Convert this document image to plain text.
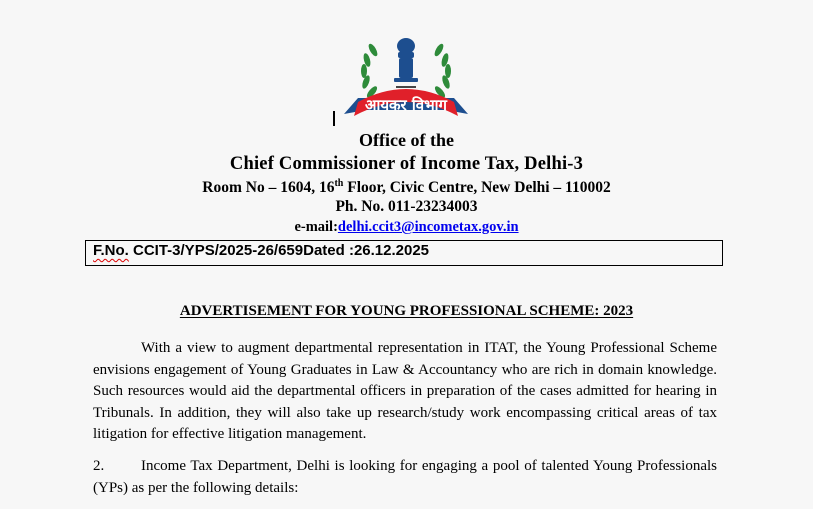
आयकर विभाग
Office of the
Chief Commissioner of Income Tax, Delhi-3
Room No – 1604, 16th Floor, Civic Centre, New Delhi – 110002
Ph. No. 011-23234003
e-mail:delhi.ccit3@incometax.gov.in
F.No. CCIT-3/YPS/2025-26/659Dated :26.12.2025
ADVERTISEMENT FOR YOUNG PROFESSIONAL SCHEME: 2023
With a view to augment departmental representation in ITAT, the Young Professional Scheme envisions engagement of Young Graduates in Law & Accountancy who are rich in domain knowledge. Such resources would aid the departmental officers in preparation of the cases admitted for hearing in Tribunals. In addition, they will also take up research/study work encompassing critical areas of tax litigation for effective litigation management.
2. Income Tax Department, Delhi is looking for engaging a pool of talented Young Professionals (YPs) as per the following details:
